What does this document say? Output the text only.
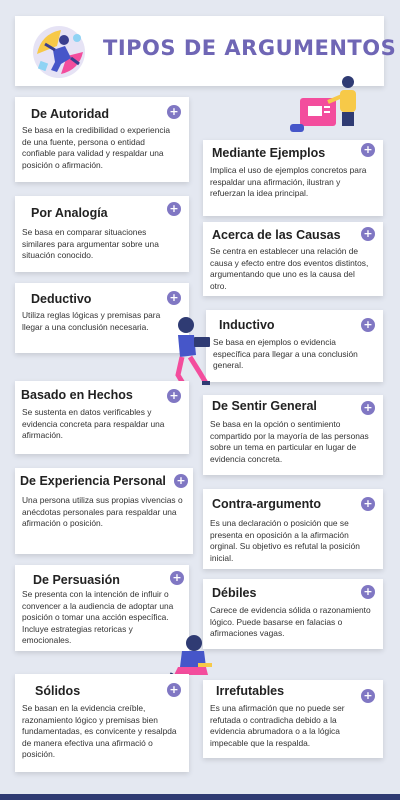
TIPOS DE ARGUMENTOS
De Autoridad
Se basa en la credibilidad o experiencia de una fuente, persona o entidad confiable para validad y respaldar una posición o afirmación.
+
Mediante Ejemplos
Implica el uso de ejemplos concretos para respaldar una afirmación, ilustran y refuerzan la idea principal.
+
Por Analogía
Se basa en comparar situaciones similares para argumentar sobre una situación conocido.
+
Acerca de las Causas
Se centra en establecer una relación de causa y efecto entre dos eventos distintos, argumentando que uno es la causa del otro.
+
Deductivo
Utiliza reglas lógicas y premisas para llegar a una conclusión necesaria.
+
Inductivo
Se basa en ejemplos o evidencia específica para llegar a una conclusión general.
+
Basado en Hechos
Se sustenta en datos verificables y evidencia concreta para respaldar una afirmación.
+
De Sentir General
Se basa en la opción o sentimiento compartido por la mayoría de las personas sobre un tema en particular en lugar de evidencia concreta.
+
De Experiencia Personal
Una persona utiliza sus propias vivencias o anécdotas personales para respaldar una afirmación o posición.
+
Contra-argumento
Es una declaración o posición que se presenta en oposición a la afirmación orginal. Su objetivo es refutal la posición inicial.
+
De Persuasión
Se presenta con la intención de influir o convencer a la audiencia de adoptar una posición o tomar una acción específica. Incluye estrategias retoricas y emocionales.
+
Débiles
Carece de evidencia sólida o razonamiento lógico. Puede basarse en falacias o afirmaciones vagas.
+
Sólidos
Se basan en la evidencia creíble, razonamiento lógico y premisas bien fundamentadas, es convicente y resalpda de manera efectiva una afirmació o posición.
+	Irrefutables
Es una afirmación que no puede ser refutada o contradicha debido a la evidencia abrumadora o a la lógica impecable que la respalda.
+
